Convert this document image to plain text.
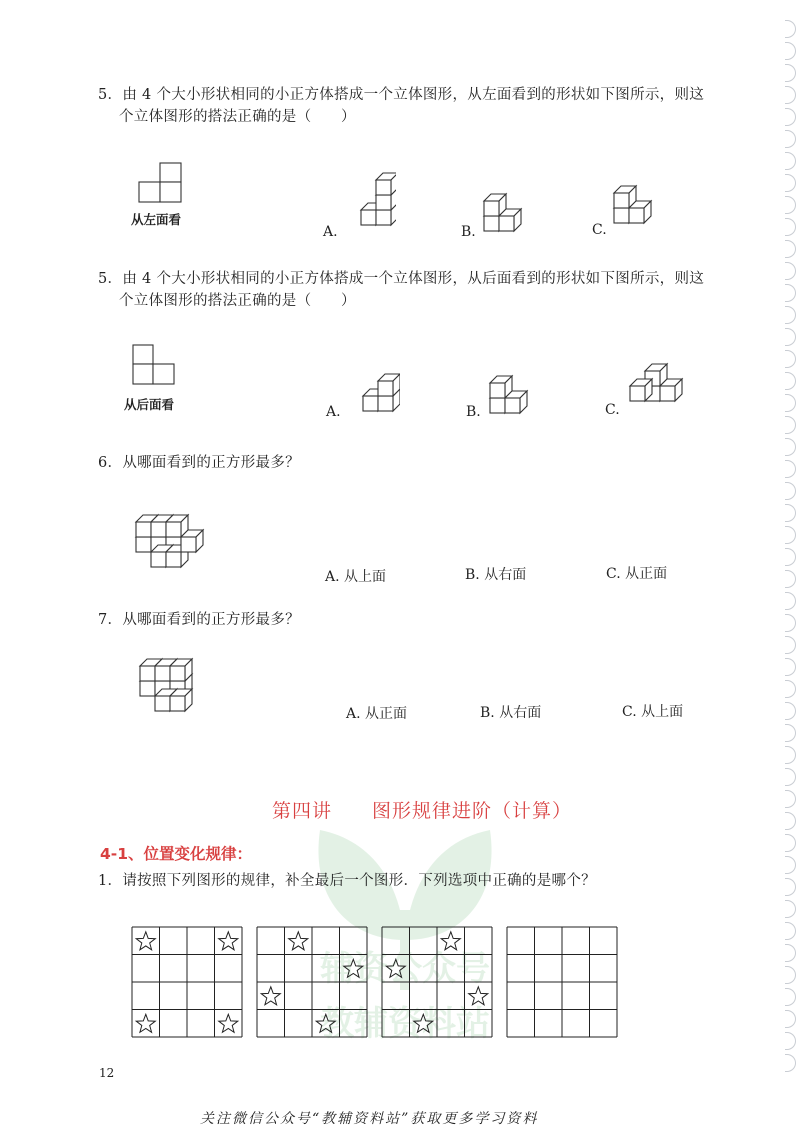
辅资公众号
教辅资料站
5．由 4 个大小形状相同的小正方体搭成一个立体图形，从左面看到的形状如下图所示，则这
个立体图形的搭法正确的是（　　）
从左面看
A.	B.	C.
5．由 4 个大小形状相同的小正方体搭成一个立体图形，从后面看到的形状如下图所示，则这
个立体图形的搭法正确的是（　　）
从后面看	A.	B.	C.
6．从哪面看到的正方形最多？
A. 从上面	B. 从右面	C. 从正面
7．从哪面看到的正方形最多？
A. 从正面	B. 从右面	C. 从上面
第四讲　　图形规律进阶（计算）
4-1、位置变化规律：
1．请按照下列图形的规律，补全最后一个图形．下列选项中正确的是哪个？
12
关注微信公众号“教辅资料站”获取更多学习资料
